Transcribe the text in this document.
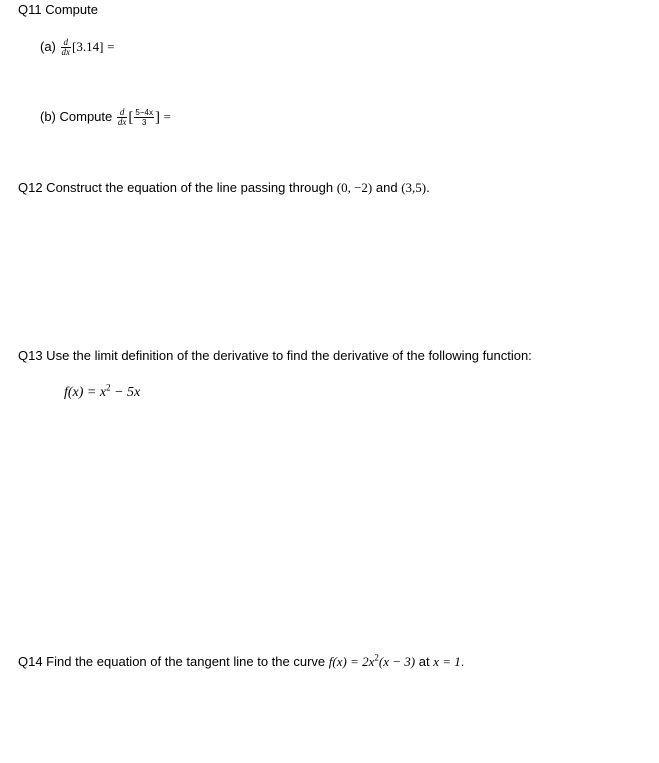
Q11 Compute
$(a) \frac{d}{dx} [3.14]$ =
(b) Compute $\frac{d}{dx}$ [ $\frac{5-4x}{3}$ ] =
Q12 Construct the equation of the line passing through (0, −2) and (3,5).
Q13 Use the limit definition of the derivative to find the derivative of the following function:
$f(x) = x^2 - 5x$
Q14 Find the equation of the tangent line to the curve $f(x) = 2x^2(x - 3)$ at x = 1.
